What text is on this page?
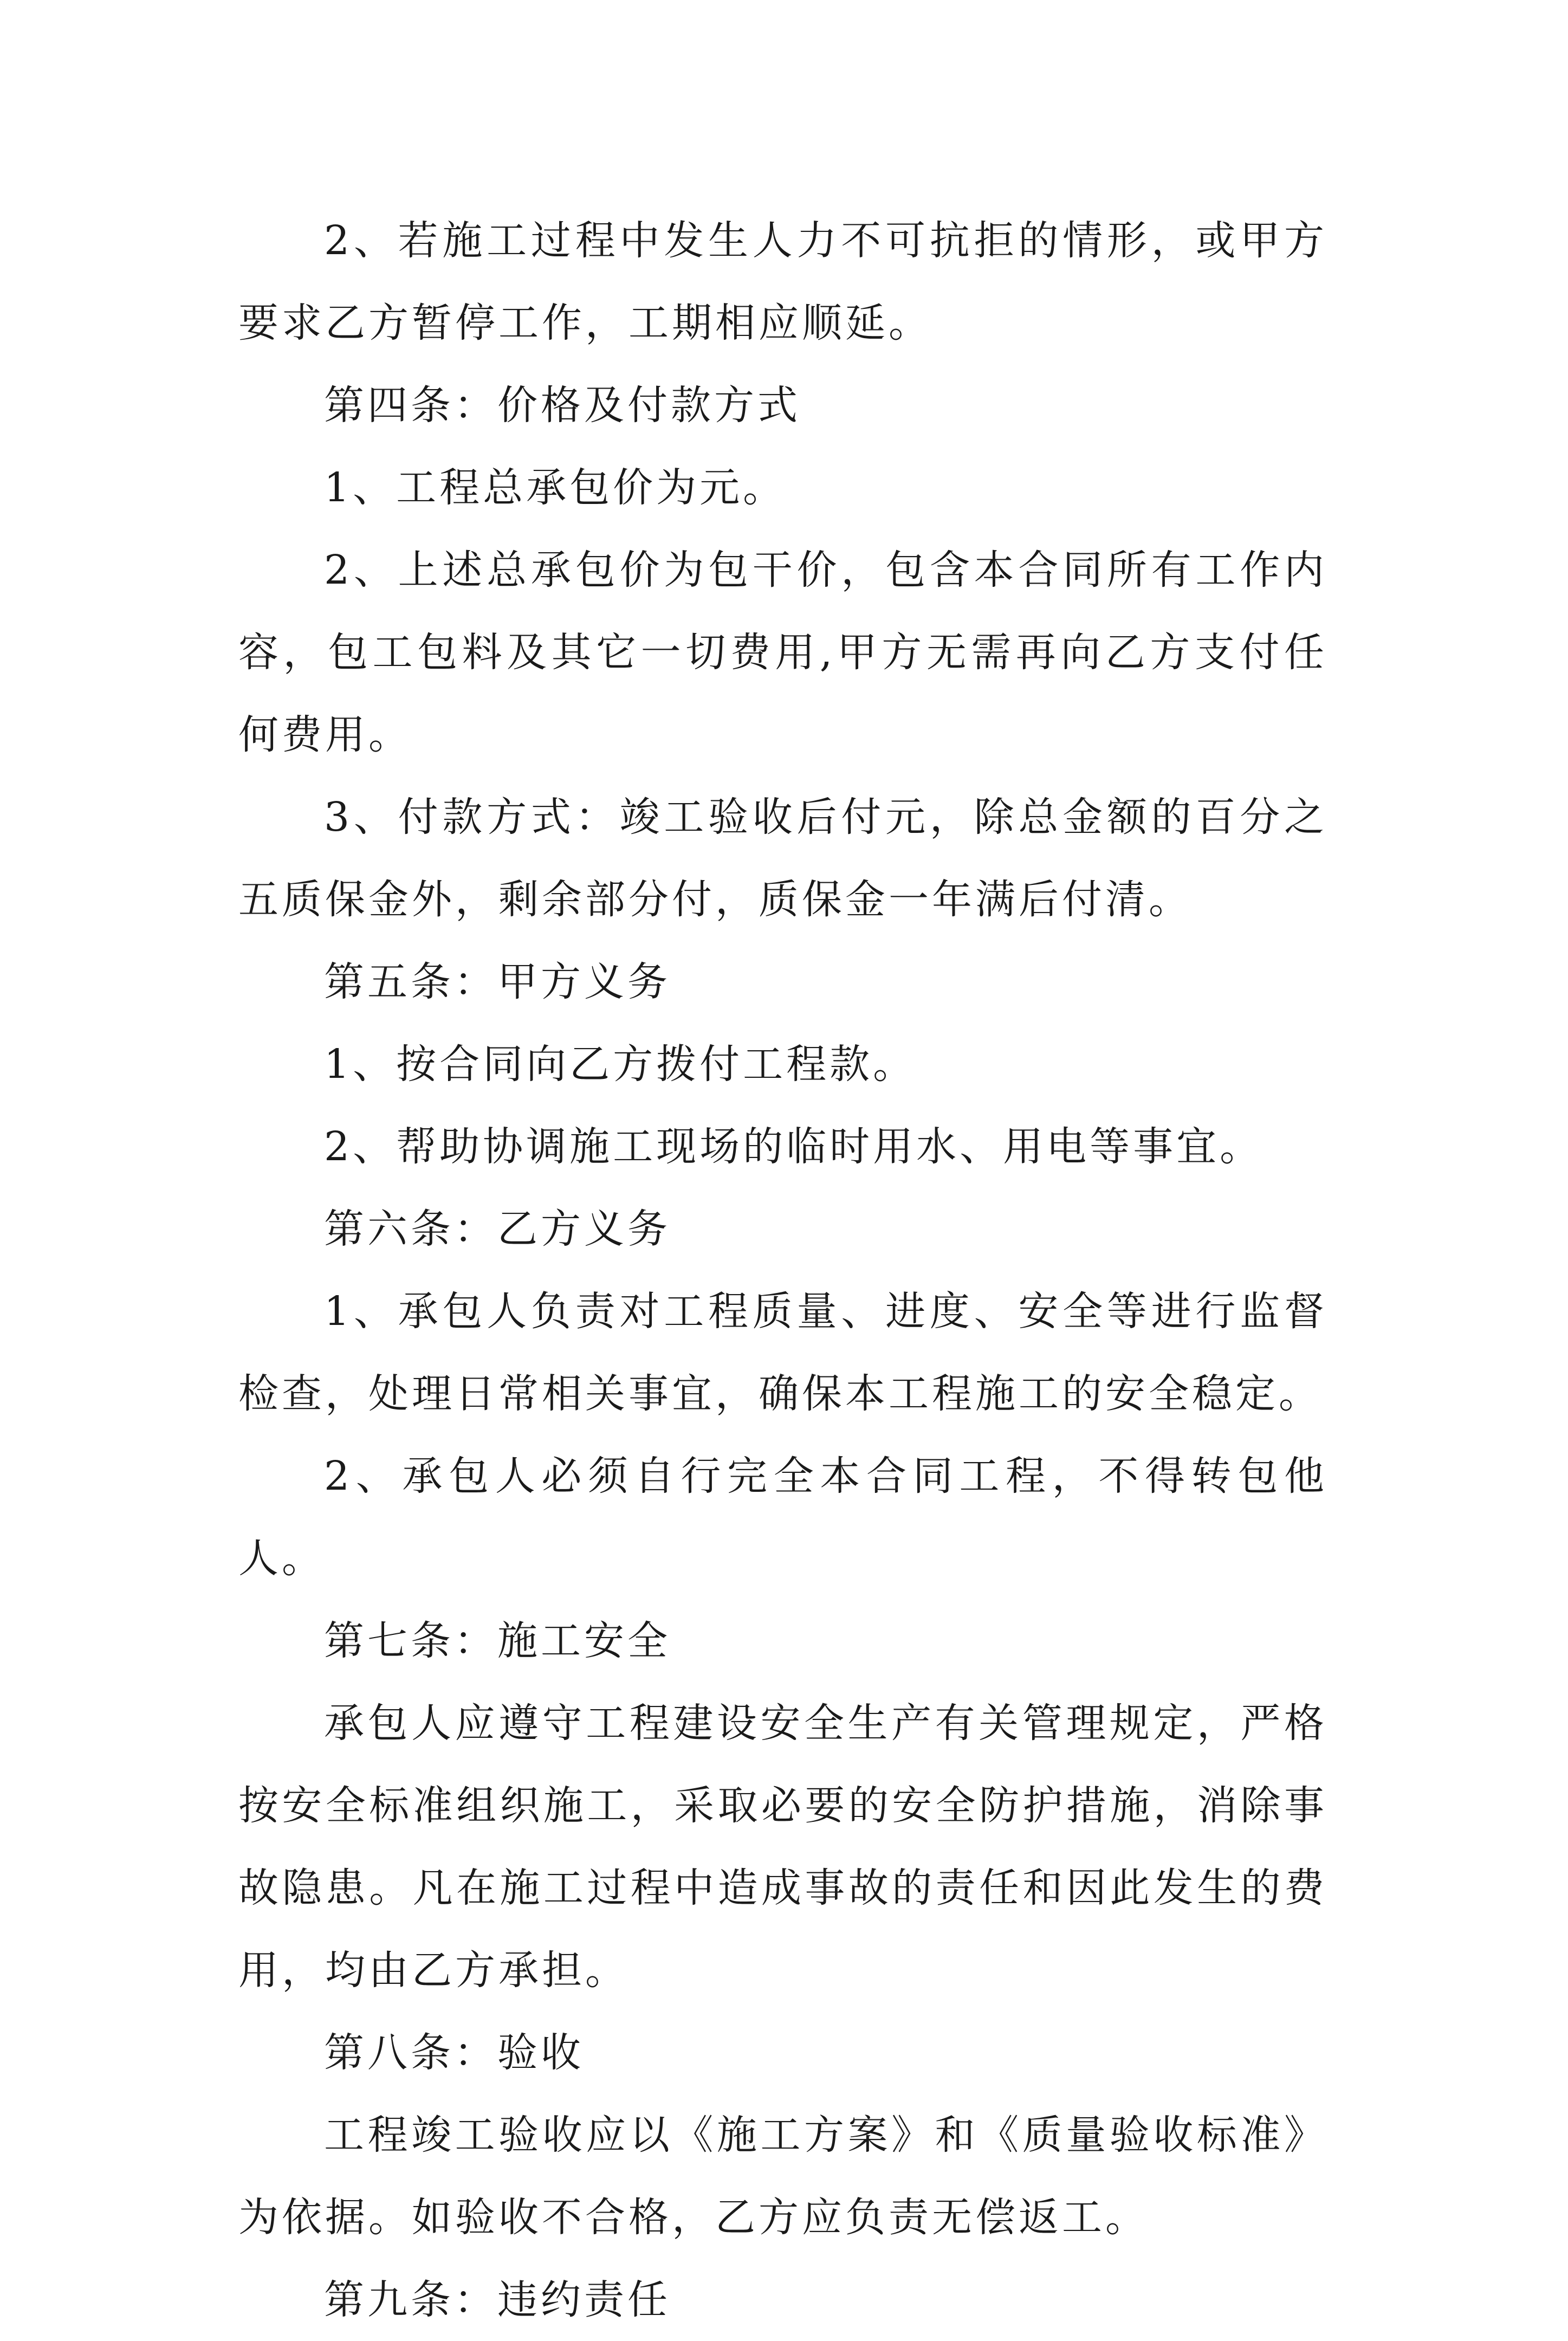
2、若施工过程中发生人力不可抗拒的情形，或甲方要求乙方暂停工作，工期相应顺延。

第四条：价格及付款方式

1、工程总承包价为元。

2、上述总承包价为包干价，包含本合同所有工作内容，包工包料及其它一切费用,甲方无需再向乙方支付任何费用。

3、付款方式：竣工验收后付元，除总金额的百分之五质保金外，剩余部分付，质保金一年满后付清。

第五条：甲方义务

1、按合同向乙方拨付工程款。

2、帮助协调施工现场的临时用水、用电等事宜。

第六条：乙方义务

1、承包人负责对工程质量、进度、安全等进行监督检查，处理日常相关事宜，确保本工程施工的安全稳定。

2、承包人必须自行完全本合同工程，不得转包他人。

第七条：施工安全

承包人应遵守工程建设安全生产有关管理规定，严格按安全标准组织施工，采取必要的安全防护措施，消除事故隐患。凡在施工过程中造成事故的责任和因此发生的费用，均由乙方承担。

第八条：验收

工程竣工验收应以《施工方案》和《质量验收标准》为依据。如验收不合格，乙方应负责无偿返工。

第九条：违约责任
